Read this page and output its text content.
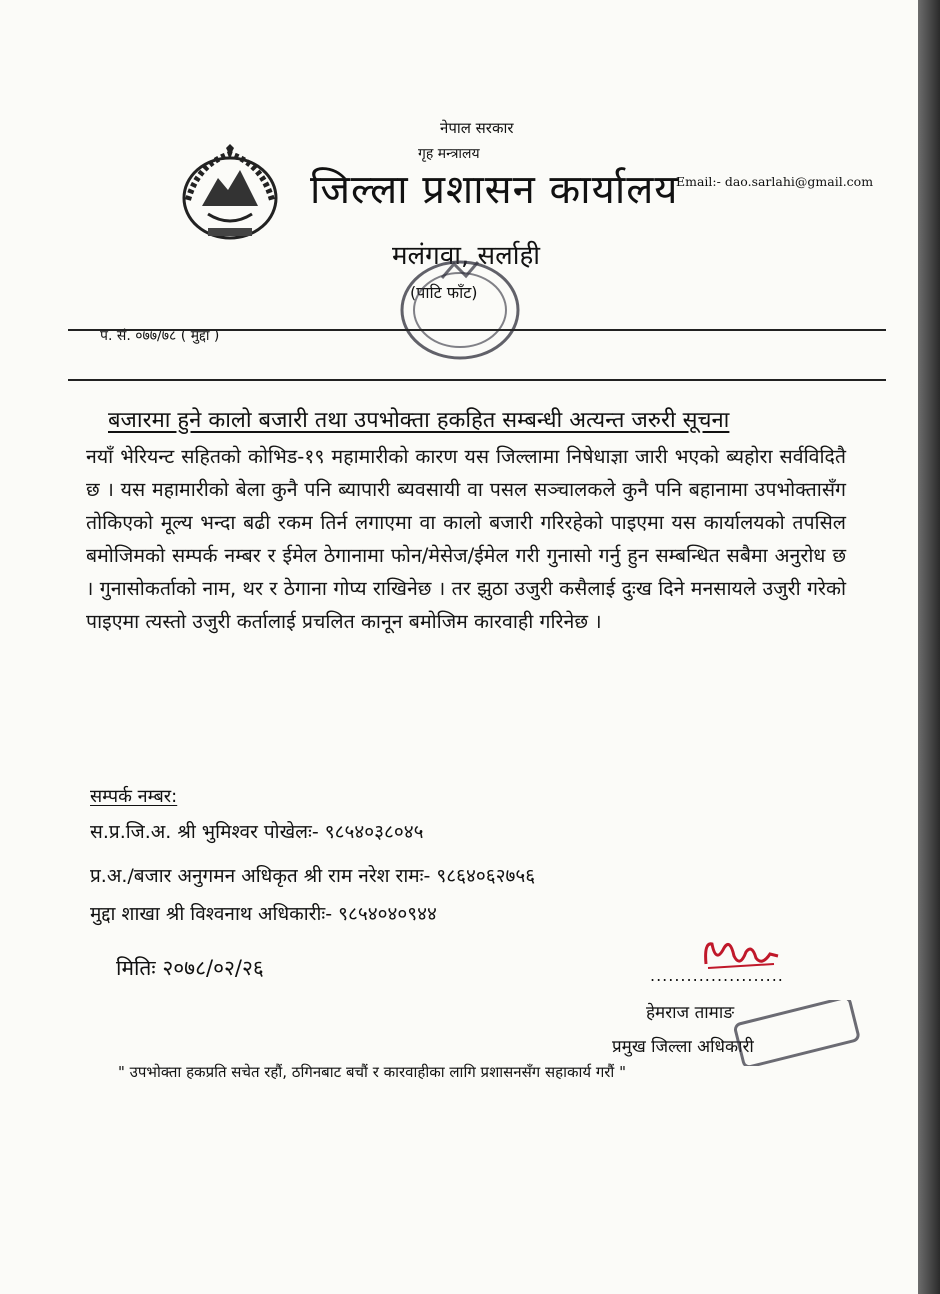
नेपाल सरकार
गृह मन्त्रालय
जिल्ला प्रशासन कार्यालय
मलंगवा, सर्लाही
(पाटि फाँट)
Email:- dao.sarlahi@gmail.com
प. सं. ०७७/७८ ( मुद्दा )
बजारमा हुने कालो बजारी तथा उपभोक्ता हकहित सम्बन्धी अत्यन्त जरुरी सूचना
नयाँ भेरियन्ट सहितको कोभिड-१९ महामारीको कारण यस जिल्लामा निषेधाज्ञा जारी भएको ब्यहोरा सर्वविदितै छ । यस महामारीको बेला कुनै पनि ब्यापारी ब्यवसायी वा पसल सञ्चालकले कुनै पनि बहानामा उपभोक्तासँग तोकिएको मूल्य भन्दा बढी रकम तिर्न लगाएमा वा कालो बजारी गरिरहेको पाइएमा यस कार्यालयको तपसिल बमोजिमको सम्पर्क नम्बर र ईमेल ठेगानामा फोन/मेसेज/ईमेल गरी गुनासो गर्नु हुन सम्बन्धित सबैमा अनुरोध छ । गुनासोकर्ताको नाम, थर र ठेगाना गोप्य राखिनेछ । तर झुठा उजुरी कसैलाई दुःख दिने मनसायले उजुरी गरेको पाइएमा त्यस्तो उजुरी कर्तालाई प्रचलित कानून बमोजिम कारवाही गरिनेछ ।
सम्पर्क नम्बर:
स.प्र.जि.अ. श्री भुमिश्वर पोखेलः- ९८५४०३८०४५
प्र.अ./बजार अनुगमन अधिकृत श्री राम नरेश रामः- ९८६४०६२७५६
मुद्दा शाखा श्री विश्वनाथ अधिकारीः- ९८५४०४०९४४
मितिः २०७८/०२/२६	......................
हेमराज तामाङ
प्रमुख जिल्ला अधिकारी
" उपभोक्ता हकप्रति सचेत रहौं, ठगिनबाट बचौं र कारवाहीका लागि प्रशासनसँग सहाकार्य गरौं "
